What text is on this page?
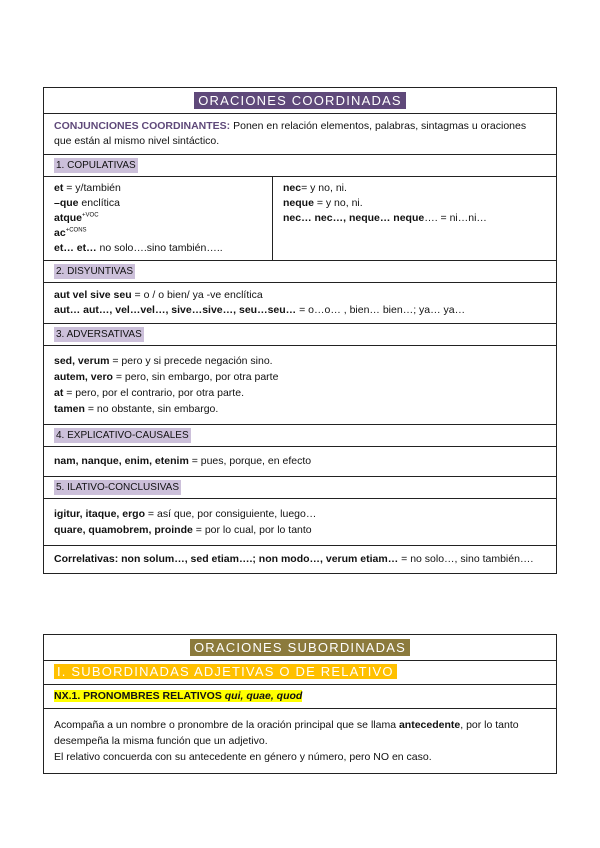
ORACIONES COORDINADAS
CONJUNCIONES COORDINANTES: Ponen en relación elementos, palabras, sintagmas u oraciones que están al mismo nivel sintáctico.
1. COPULATIVAS
et = y/también
–que enclítica
atque$^{+VOC}$
$ac^{+CONS}$
et… et… no solo….sino también…..
nec= y no, ni.
neque = y no, ni.
nec… nec…, neque… neque…. = ni…ni…
2. DISYUNTIVAS
aut vel sive seu = o / o bien/ ya -ve enclítica
aut… aut…, vel…vel…, sive…sive…, seu…seu… = o…o… , bien… bien…; ya… ya…
3. ADVERSATIVAS
sed, verum = pero y si precede negación sino.
autem, vero = pero, sin embargo, por otra parte
at = pero, por el contrario, por otra parte.
tamen = no obstante, sin embargo.
4. EXPLICATIVO-CAUSALES
nam, nanque, enim, etenim = pues, porque, en efecto
5. ILATIVO-CONCLUSIVAS
igitur, itaque, ergo = así que, por consiguiente, luego…
quare, quamobrem, proinde = por lo cual, por lo tanto
Correlativas: non solum…, sed etiam….; non modo…, verum etiam… = no solo…, sino también….
ORACIONES SUBORDINADAS
I. SUBORDINADAS ADJETIVAS O DE RELATIVO
NX.1. PRONOMBRES RELATIVOS qui, quae, quod
Acompaña a un nombre o pronombre de la oración principal que se llama antecedente, por lo tanto desempeña la misma función que un adjetivo.
El relativo concuerda con su antecedente en género y número, pero NO en caso.
